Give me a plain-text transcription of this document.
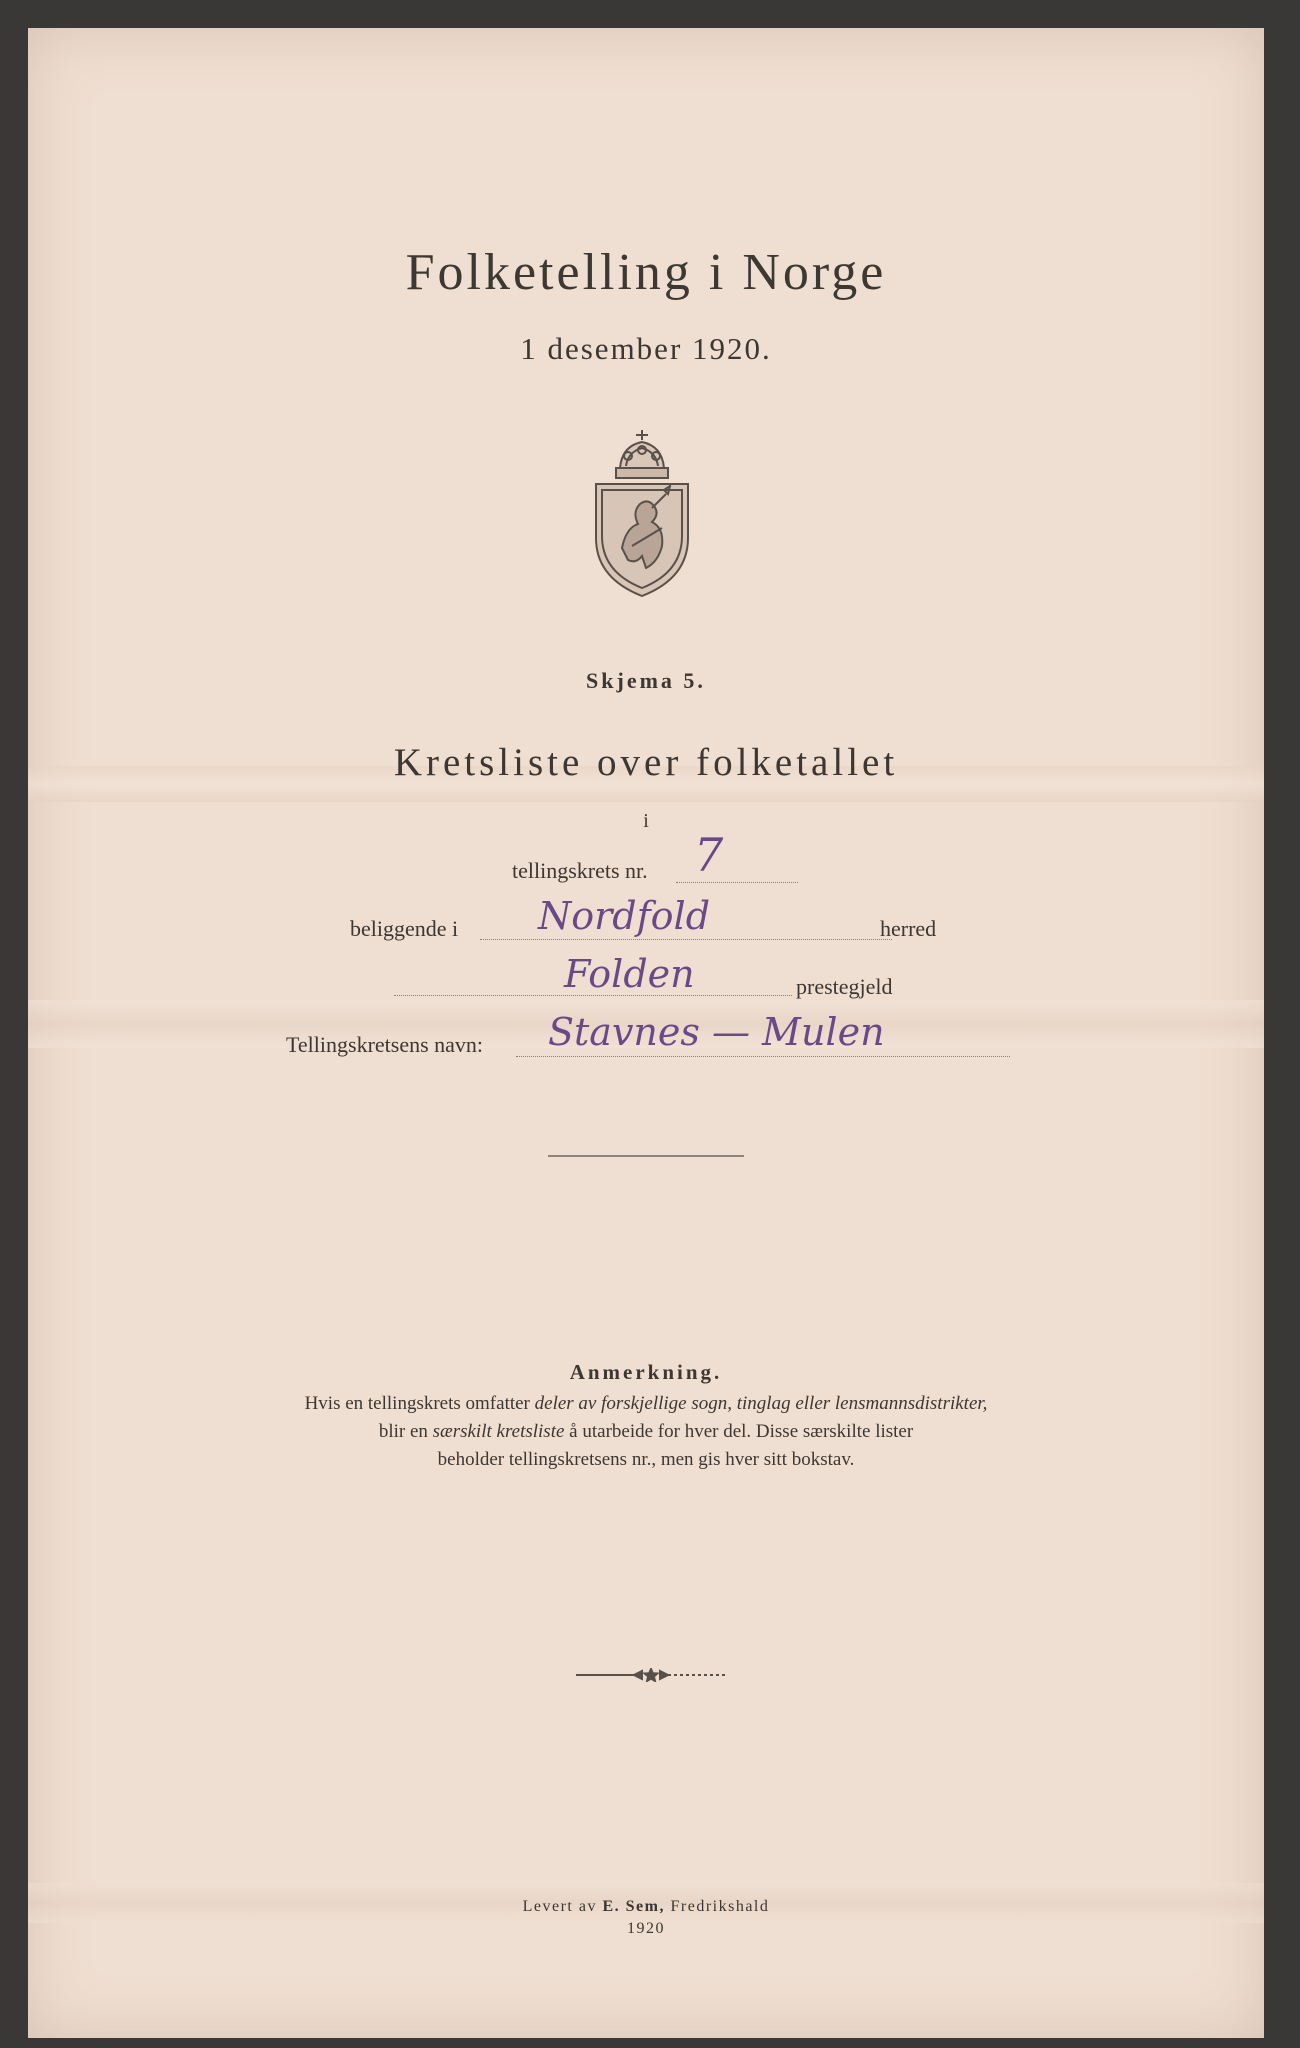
Folketelling i Norge
1 desember 1920.
Skjema 5.
Kretsliste over folketallet
i
tellingskrets nr. 7
beliggende i Nordfold	herred
Folden	prestegjeld
Tellingskretsens navn: Stavnes — Mulen
Anmerkning.
Hvis en tellingskrets omfatter deler av forskjellige sogn, tinglag eller lensmannsdistrikter,
blir en særskilt kretsliste å utarbeide for hver del. Disse særskilte lister
beholder tellingskretsens nr., men gis hver sitt bokstav.
Levert av E. Sem, Fredrikshald
1920
